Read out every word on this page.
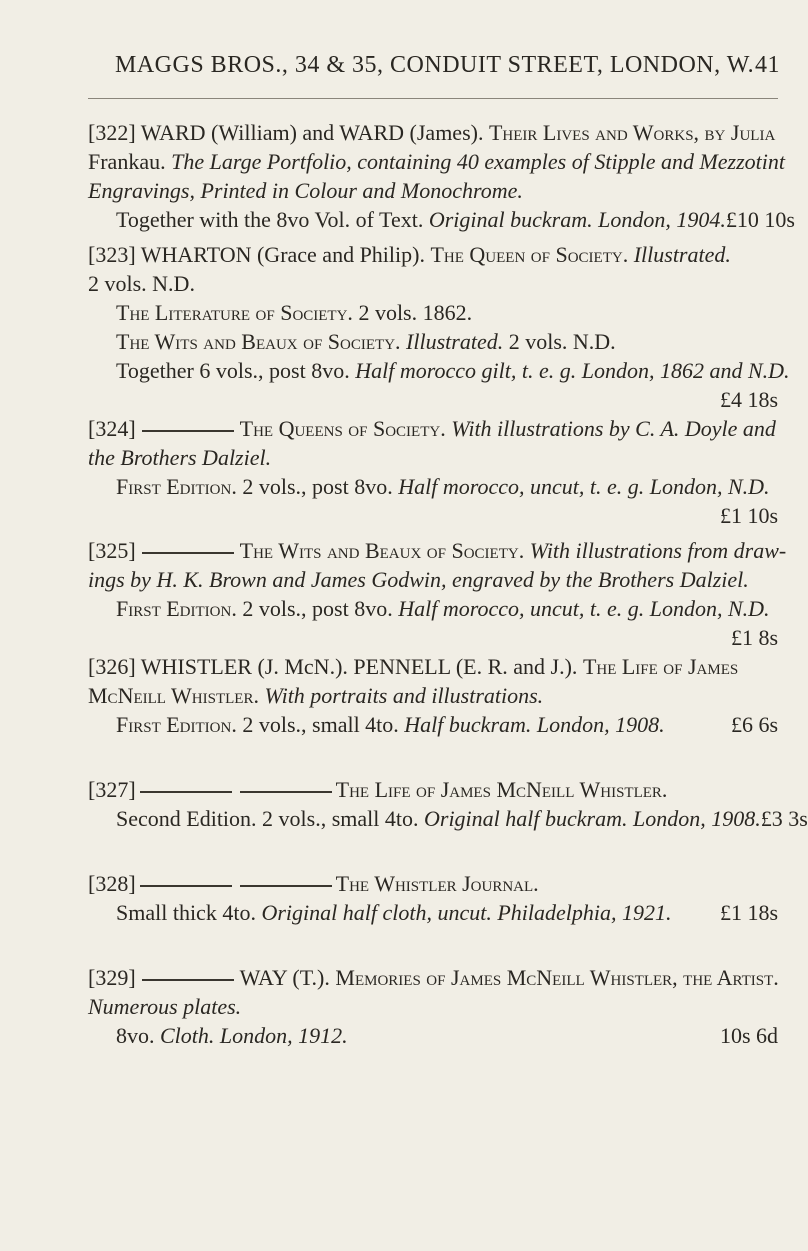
MAGGS BROS., 34 & 35, CONDUIT STREET, LONDON, W. 41
[322] WARD (William) and WARD (James). Their Lives and Works, by Julia
Frankau. The Large Portfolio, containing 40 examples of Stipple and Mezzotint
Engravings, Printed in Colour and Monochrome.
Together with the 8vo Vol. of Text. Original buckram. London, 1904. £10 10s
[323] WHARTON (Grace and Philip). The Queen of Society. Illustrated.
2 vols. N.D.
The Literature of Society. 2 vols. 1862.
The Wits and Beaux of Society. Illustrated. 2 vols. N.D.
Together 6 vols., post 8vo. Half morocco gilt, t. e. g. London, 1862 and N.D.
£4 18s
[324]	The Queens of Society. With illustrations by C. A. Doyle and
the Brothers Dalziel.
First Edition. 2 vols., post 8vo. Half morocco, uncut, t. e. g. London, N.D.
£1 10s
[325]	The Wits and Beaux of Society. With illustrations from draw-
ings by H. K. Brown and James Godwin, engraved by the Brothers Dalziel.
First Edition. 2 vols., post 8vo. Half morocco, uncut, t. e. g. London, N.D.
£1 8s
[326] WHISTLER (J. McN.). PENNELL (E. R. and J.). The Life of James
McNeill Whistler. With portraits and illustrations.
First Edition. 2 vols., small 4to. Half buckram. London, 1908.	£6 6s
[327]	The Life of James McNeill Whistler.
Second Edition. 2 vols., small 4to. Original half buckram. London, 1908. £3 3s
[328]	The Whistler Journal.
Small thick 4to. Original half cloth, uncut. Philadelphia, 1921. £1 18s
[329]	WAY (T.). Memories of James McNeill Whistler, the Artist.
Numerous plates.
8vo. Cloth. London, 1912.	10s 6d
